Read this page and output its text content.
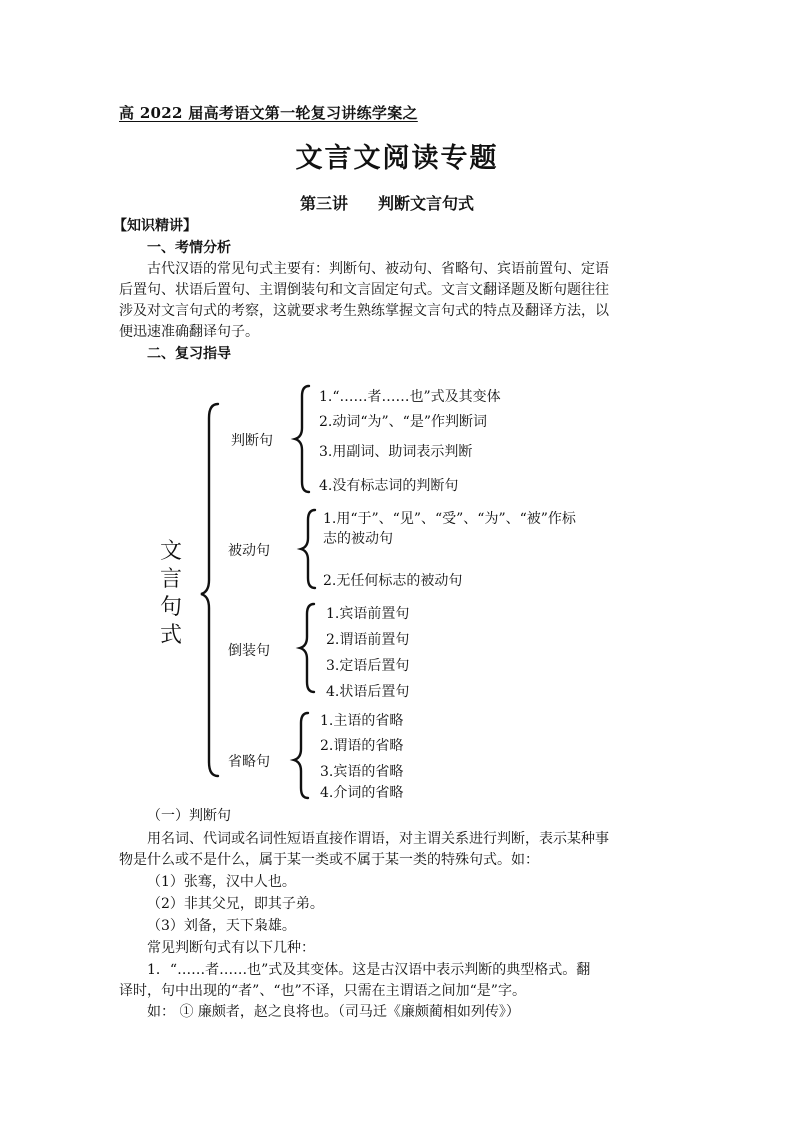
高 2022 届高考语文第一轮复习讲练学案之
文言文阅读专题
第三讲 判断文言句式
【知识精讲】
一、考情分析
古代汉语的常见句式主要有：判断句、被动句、省略句、宾语前置句、定语
后置句、状语后置句、主谓倒装句和文言固定句式。文言文翻译题及断句题往往
涉及对文言句式的考察，这就要求考生熟练掌握文言句式的特点及翻译方法，以
便迅速准确翻译句子。
二、复习指导
文
言
句
式
判断句
1.“……者……也”式及其变体
2.动词“为”、“是”作判断词
3.用副词、助词表示判断
4.没有标志词的判断句
被动句
1.用“于”、“见”、“受”、“为”、“被”作标
志的被动句
2.无任何标志的被动句
倒装句
1.宾语前置句
2.谓语前置句
3.定语后置句
4.状语后置句
省略句
1.主语的省略
2.谓语的省略
3.宾语的省略
4.介词的省略
（一）判断句
用名词、代词或名词性短语直接作谓语，对主谓关系进行判断，表示某种事
物是什么或不是什么，属于某一类或不属于某一类的特殊句式。如：
（1）张骞，汉中人也。
（2）非其父兄，即其子弟。
（3）刘备，天下枭雄。
常见判断句式有以下几种：
1．“……者……也”式及其变体。这是古汉语中表示判断的典型格式。翻
译时，句中出现的“者”、“也”不译，只需在主谓语之间加“是”字。
如： ① 廉颇者，赵之良将也。（司马迁《廉颇蔺相如列传》）
